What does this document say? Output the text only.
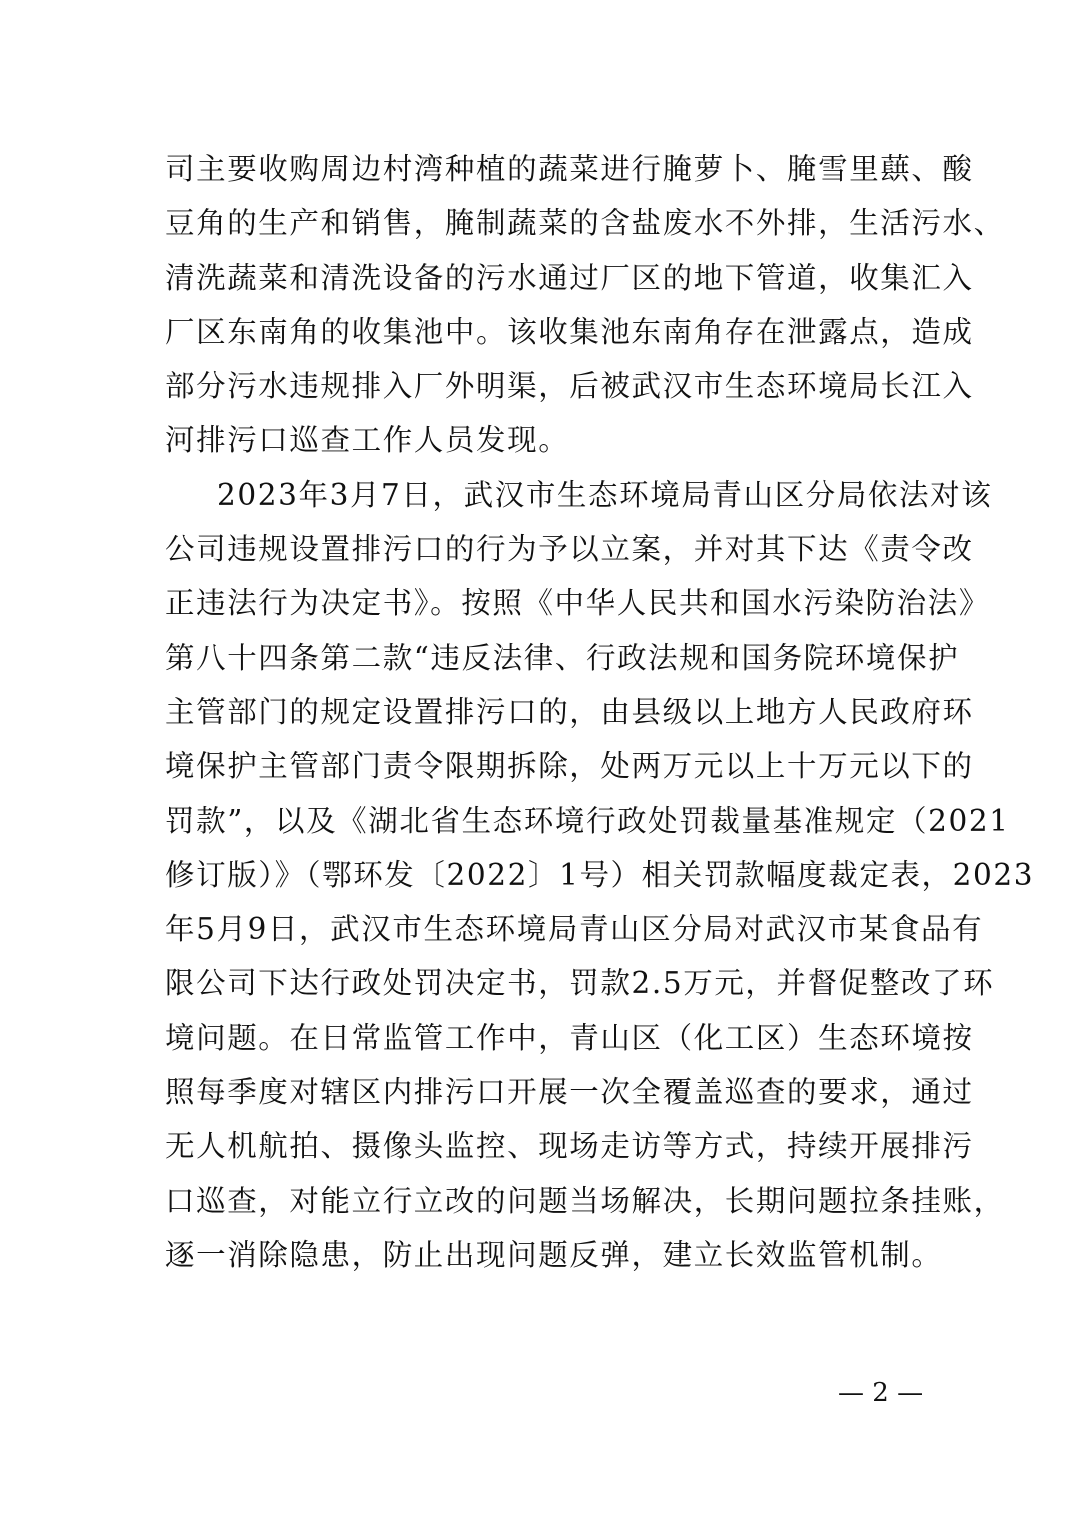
司主要收购周边村湾种植的蔬菜进行腌萝卜、腌雪里蕻、酸
豆角的生产和销售，腌制蔬菜的含盐废水不外排，生活污水、
清洗蔬菜和清洗设备的污水通过厂区的地下管道，收集汇入
厂区东南角的收集池中。该收集池东南角存在泄露点，造成
部分污水违规排入厂外明渠，后被武汉市生态环境局长江入
河排污口巡查工作人员发现。
2023年3月7日，武汉市生态环境局青山区分局依法对该
公司违规设置排污口的行为予以立案，并对其下达《责令改
正违法行为决定书》。按照《中华人民共和国水污染防治法》
第八十四条第二款“违反法律、行政法规和国务院环境保护
主管部门的规定设置排污口的，由县级以上地方人民政府环
境保护主管部门责令限期拆除，处两万元以上十万元以下的
罚款”，以及《湖北省生态环境行政处罚裁量基准规定（2021
修订版）》（鄂环发〔2022〕1号）相关罚款幅度裁定表，2023
年5月9日，武汉市生态环境局青山区分局对武汉市某食品有
限公司下达行政处罚决定书，罚款2.5万元，并督促整改了环
境问题。在日常监管工作中，青山区（化工区）生态环境按
照每季度对辖区内排污口开展一次全覆盖巡查的要求，通过
无人机航拍、摄像头监控、现场走访等方式，持续开展排污
口巡查，对能立行立改的问题当场解决，长期问题拉条挂账，
逐一消除隐患，防止出现问题反弹，建立长效监管机制。
— 2 —
